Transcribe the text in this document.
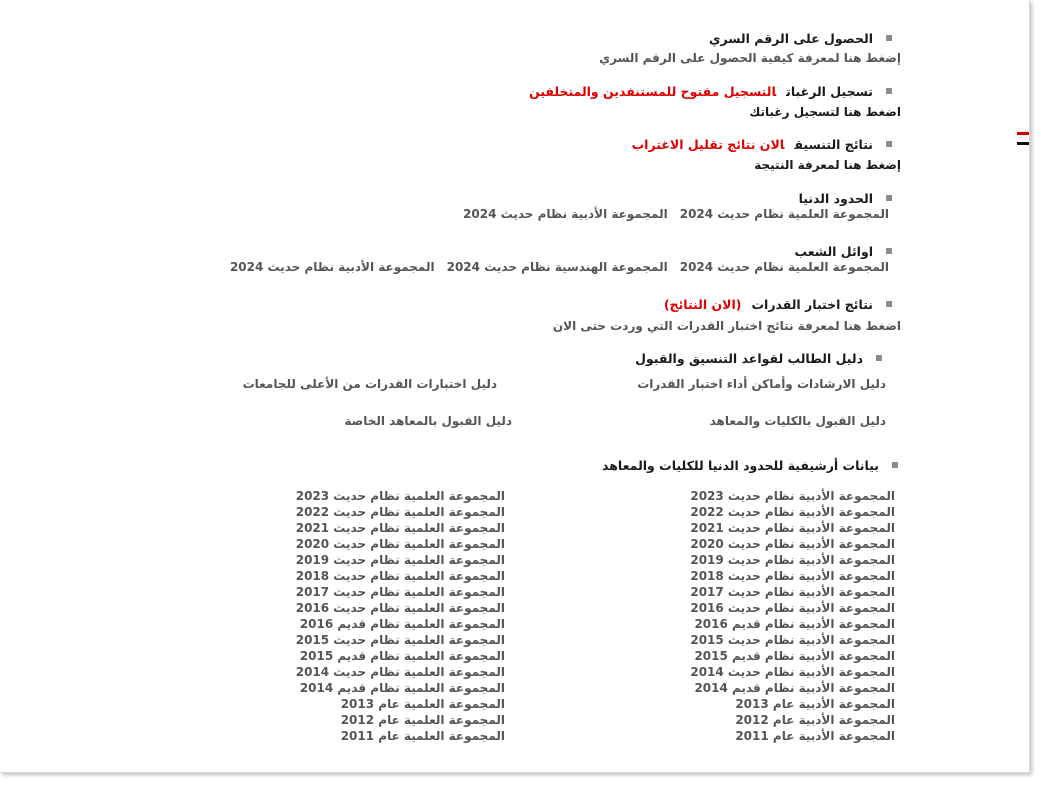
الحصول على الرقم السري
إضغط هنا لمعرفة كيفية الحصول على الرقم السري
تسجيل الرغباتالتسجيل مفتوح للمستنفدين والمتخلفين
اضغط هنا لتسجيل رغباتك
نتائج التنسيقالان نتائج تقليل الاغتراب
إضغط هنا لمعرفة النتيجة
الحدود الدنيا
المجموعة العلمية نظام حديث 2024المجموعة الأدبية نظام حديث 2024
اوائل الشعب
المجموعة العلمية نظام حديث 2024المجموعة الهندسية نظام حديث 2024المجموعة الأدبية نظام حديث 2024
نتائج اختبار القدرات(الان النتائج)
اضغط هنا لمعرفة نتائج اختبار القدرات التي وردت حتى الان
دليل الطالب لقواعد التنسيق والقبول
دليل الارشادات وأماكن أداء اختبار القدرات
دليل اختبارات القدرات من الأعلى للجامعات
دليل القبول بالكليات والمعاهد
دليل القبول بالمعاهد الخاصة
بيانات أرشيفية للحدود الدنيا للكليات والمعاهد
المجموعة الأدبية نظام حديث 2023
المجموعة الأدبية نظام حديث 2022
المجموعة الأدبية نظام حديث 2021
المجموعة الأدبية نظام حديث 2020
المجموعة الأدبية نظام حديث 2019
المجموعة الأدبية نظام حديث 2018
المجموعة الأدبية نظام حديث 2017
المجموعة الأدبية نظام حديث 2016
المجموعة الأدبية نظام قديم 2016
المجموعة الأدبية نظام حديث 2015
المجموعة الأدبية نظام قديم 2015
المجموعة الأدبية نظام حديث 2014
المجموعة الأدبية نظام قديم 2014
المجموعة الأدبية عام 2013
المجموعة الأدبية عام 2012
المجموعة الأدبية عام 2011
المجموعة العلمية نظام حديث 2023
المجموعة العلمية نظام حديث 2022
المجموعة العلمية نظام حديث 2021
المجموعة العلمية نظام حديث 2020
المجموعة العلمية نظام حديث 2019
المجموعة العلمية نظام حديث 2018
المجموعة العلمية نظام حديث 2017
المجموعة العلمية نظام حديث 2016
المجموعة العلمية نظام قديم 2016
المجموعة العلمية نظام حديث 2015
المجموعة العلمية نظام قديم 2015
المجموعة العلمية نظام حديث 2014
المجموعة العلمية نظام قديم 2014
المجموعة العلمية عام 2013
المجموعة العلمية عام 2012
المجموعة العلمية عام 2011
